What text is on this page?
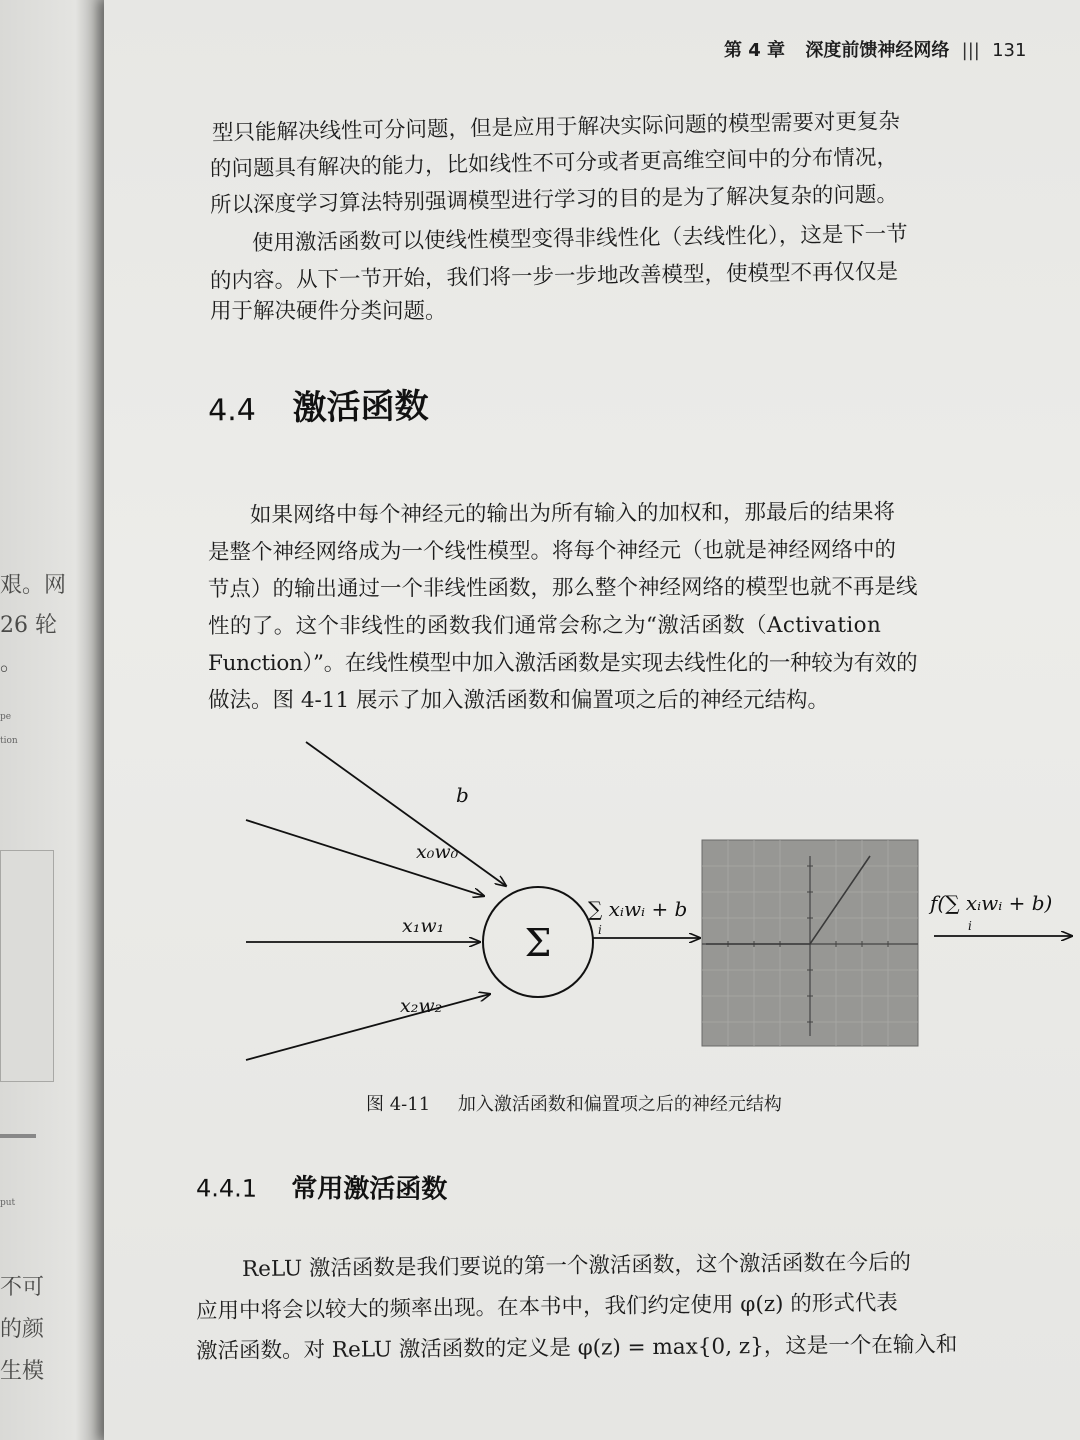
艰。网
26 轮
。
pe
tion
put
不可
的颜
生模
第 4 章 深度前馈神经网络 ||| 131
型只能解决线性可分问题，但是应用于解决实际问题的模型需要对更复杂
的问题具有解决的能力，比如线性不可分或者更高维空间中的分布情况，
所以深度学习算法特别强调模型进行学习的目的是为了解决复杂的问题。
使用激活函数可以使线性模型变得非线性化（去线性化），这是下一节
的内容。从下一节开始，我们将一步一步地改善模型，使模型不再仅仅是
用于解决硬件分类问题。
4.4 激活函数
如果网络中每个神经元的输出为所有输入的加权和，那最后的结果将
是整个神经网络成为一个线性模型。将每个神经元（也就是神经网络中的
节点）的输出通过一个非线性函数，那么整个神经网络的模型也就不再是线
性的了。这个非线性的函数我们通常会称之为“激活函数（Activation
Function）”。在线性模型中加入激活函数是实现去线性化的一种较为有效的
做法。图 4-11 展示了加入激活函数和偏置项之后的神经元结构。
b
x₀w₀
x₁w₁
x₂w₂
Σ
∑ xᵢwᵢ + b
i
f(∑ xᵢwᵢ + b)
i
图 4-11 加入激活函数和偏置项之后的神经元结构
4.4.1 常用激活函数
ReLU 激活函数是我们要说的第一个激活函数，这个激活函数在今后的
应用中将会以较大的频率出现。在本书中，我们约定使用 φ(z) 的形式代表
激活函数。对 ReLU 激活函数的定义是 φ(z) = max{0, z}，这是一个在输入和
